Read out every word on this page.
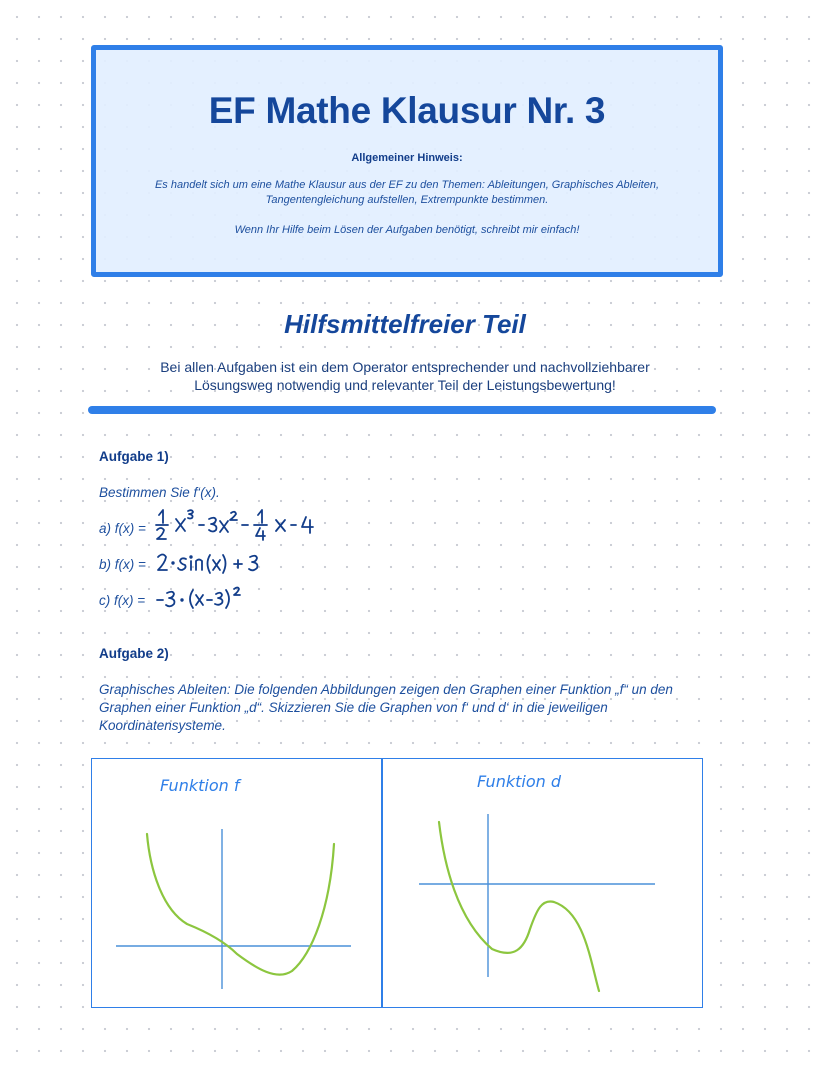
EF Mathe Klausur Nr. 3
Allgemeiner Hinweis:
Es handelt sich um eine Mathe Klausur aus der EF zu den Themen: Ableitungen, Graphisches Ableiten, Tangentengleichung aufstellen, Extrempunkte bestimmen.
Wenn Ihr Hilfe beim Lösen der Aufgaben benötigt, schreibt mir einfach!
Hilfsmittelfreier Teil
Bei allen Aufgaben ist ein dem Operator entsprechender und nachvollziehbarer Lösungsweg notwendig und relevanter Teil der Leistungsbewertung!
Aufgabe 1)
Bestimmen Sie f‘(x).
a) f(x) =
b) f(x) =
c) f(x) =
Aufgabe 2)
Graphisches Ableiten: Die folgenden Abbildungen zeigen den Graphen einer Funktion „f“ un den Graphen einer Funktion „d“. Skizzieren Sie die Graphen von f‘ und d‘ in die jeweiligen Koordinatensysteme.
Funktion f	Funktion d
